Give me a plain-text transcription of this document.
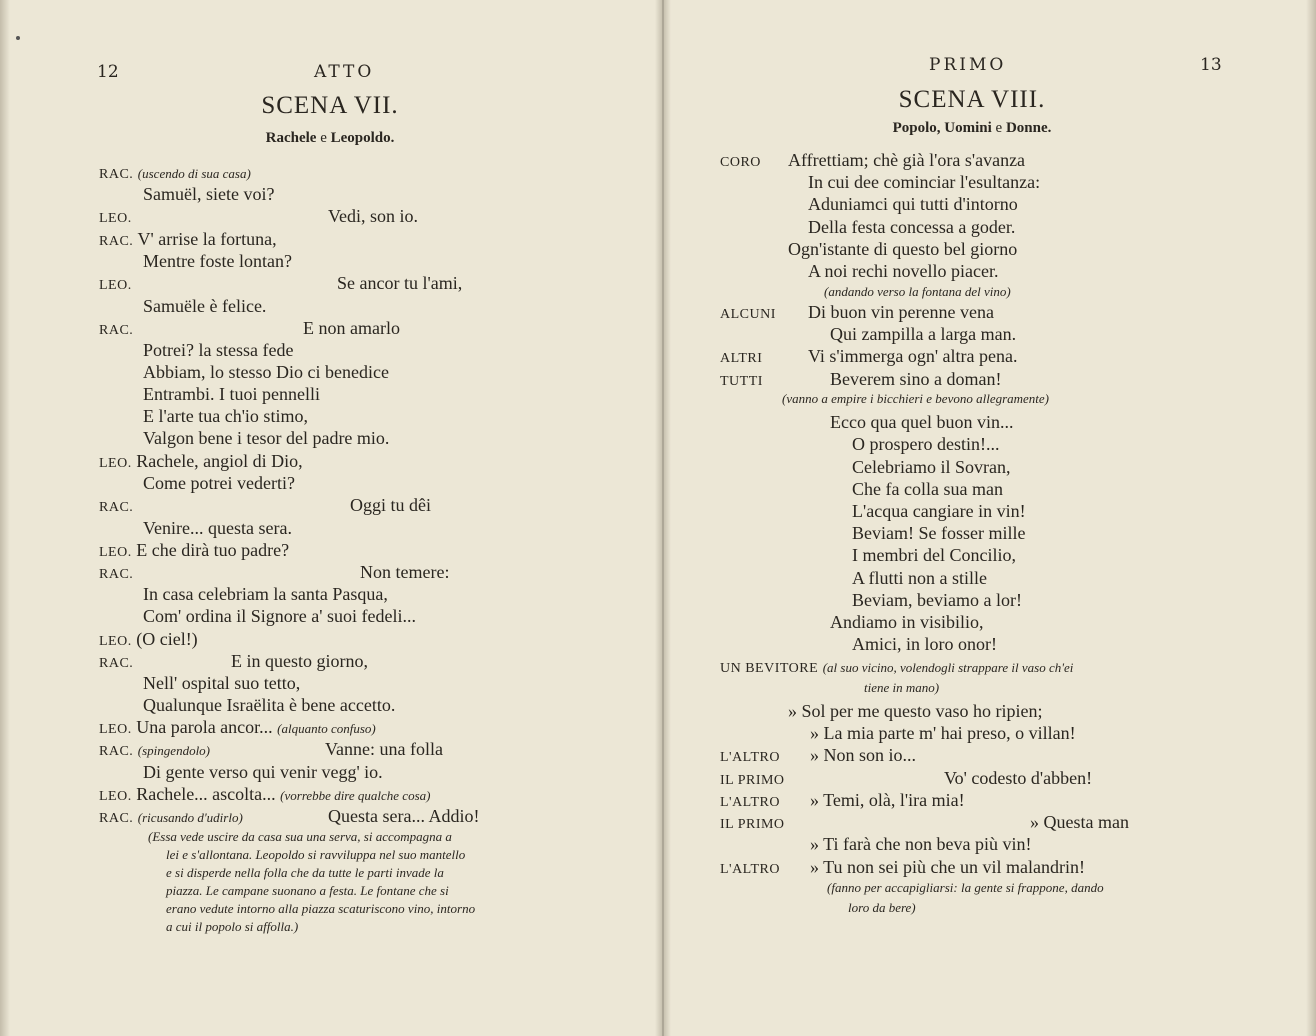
12	ATTO
SCENA VII.
Rachele e Leopoldo.
RAC. (uscendo di sua casa)
Samuël, siete voi?
LEO.	Vedi, son io.
RAC. V' arrise la fortuna,
Mentre foste lontan?
LEO.	Se ancor tu l'ami,
Samuële è felice.
RAC.	E non amarlo
Potrei? la stessa fede
Abbiam, lo stesso Dio ci benedice
Entrambi. I tuoi pennelli
E l'arte tua ch'io stimo,
Valgon bene i tesor del padre mio.
LEO. Rachele, angiol di Dio,
Come potrei vederti?
RAC.	Oggi tu dêi
Venire... questa sera.
LEO. E che dirà tuo padre?
RAC.	Non temere:
In casa celebriam la santa Pasqua,
Com' ordina il Signore a' suoi fedeli...
LEO. (O ciel!)
RAC.	E in questo giorno,
Nell' ospital suo tetto,
Qualunque Israëlita è bene accetto.
LEO. Una parola ancor... (alquanto confuso)
RAC. (spingendolo)	Vanne: una folla
Di gente verso qui venir vegg' io.
LEO. Rachele... ascolta... (vorrebbe dire qualche cosa)
RAC. (ricusando d'udirlo)	Questa sera... Addio!
(Essa vede uscire da casa sua una serva, si accompagna a
lei e s'allontana. Leopoldo si ravviluppa nel suo mantello
e si disperde nella folla che da tutte le parti invade la
piazza. Le campane suonano a festa. Le fontane che si
erano vedute intorno alla piazza scaturiscono vino, intorno
a cui il popolo si affolla.)
PRIMO	13
SCENA VIII.
Popolo, Uomini e Donne.
CORO Affrettiam; chè già l'ora s'avanza
In cui dee cominciar l'esultanza:
Aduniamci qui tutti d'intorno
Della festa concessa a goder.
Ogn'istante di questo bel giorno
A noi rechi novello piacer.
(andando verso la fontana del vino)
ALCUNI Di buon vin perenne vena
Qui zampilla a larga man.
ALTRI	Vi s'immerga ogn' altra pena.
TUTTI	Beverem sino a doman!
(vanno a empire i bicchieri e bevono allegramente)
Ecco qua quel buon vin...
O prospero destin!...
Celebriamo il Sovran,
Che fa colla sua man
L'acqua cangiare in vin!
Beviam! Se fosser mille
I membri del Concilio,
A flutti non a stille
Beviam, beviamo a lor!
Andiamo in visibilio,
Amici, in loro onor!
UN BEVITORE (al suo vicino, volendogli strappare il vaso ch'ei
tiene in mano)
» Sol per me questo vaso ho ripien;
» La mia parte m' hai preso, o villan!
L'ALTRO » Non son io...
IL PRIMO	Vo' codesto d'abben!
L'ALTRO » Temi, olà, l'ira mia!
IL PRIMO	» Questa man
» Ti farà che non beva più vin!
L'ALTRO » Tu non sei più che un vil malandrin!
(fanno per accapigliarsi: la gente si frappone, dando
loro da bere)
